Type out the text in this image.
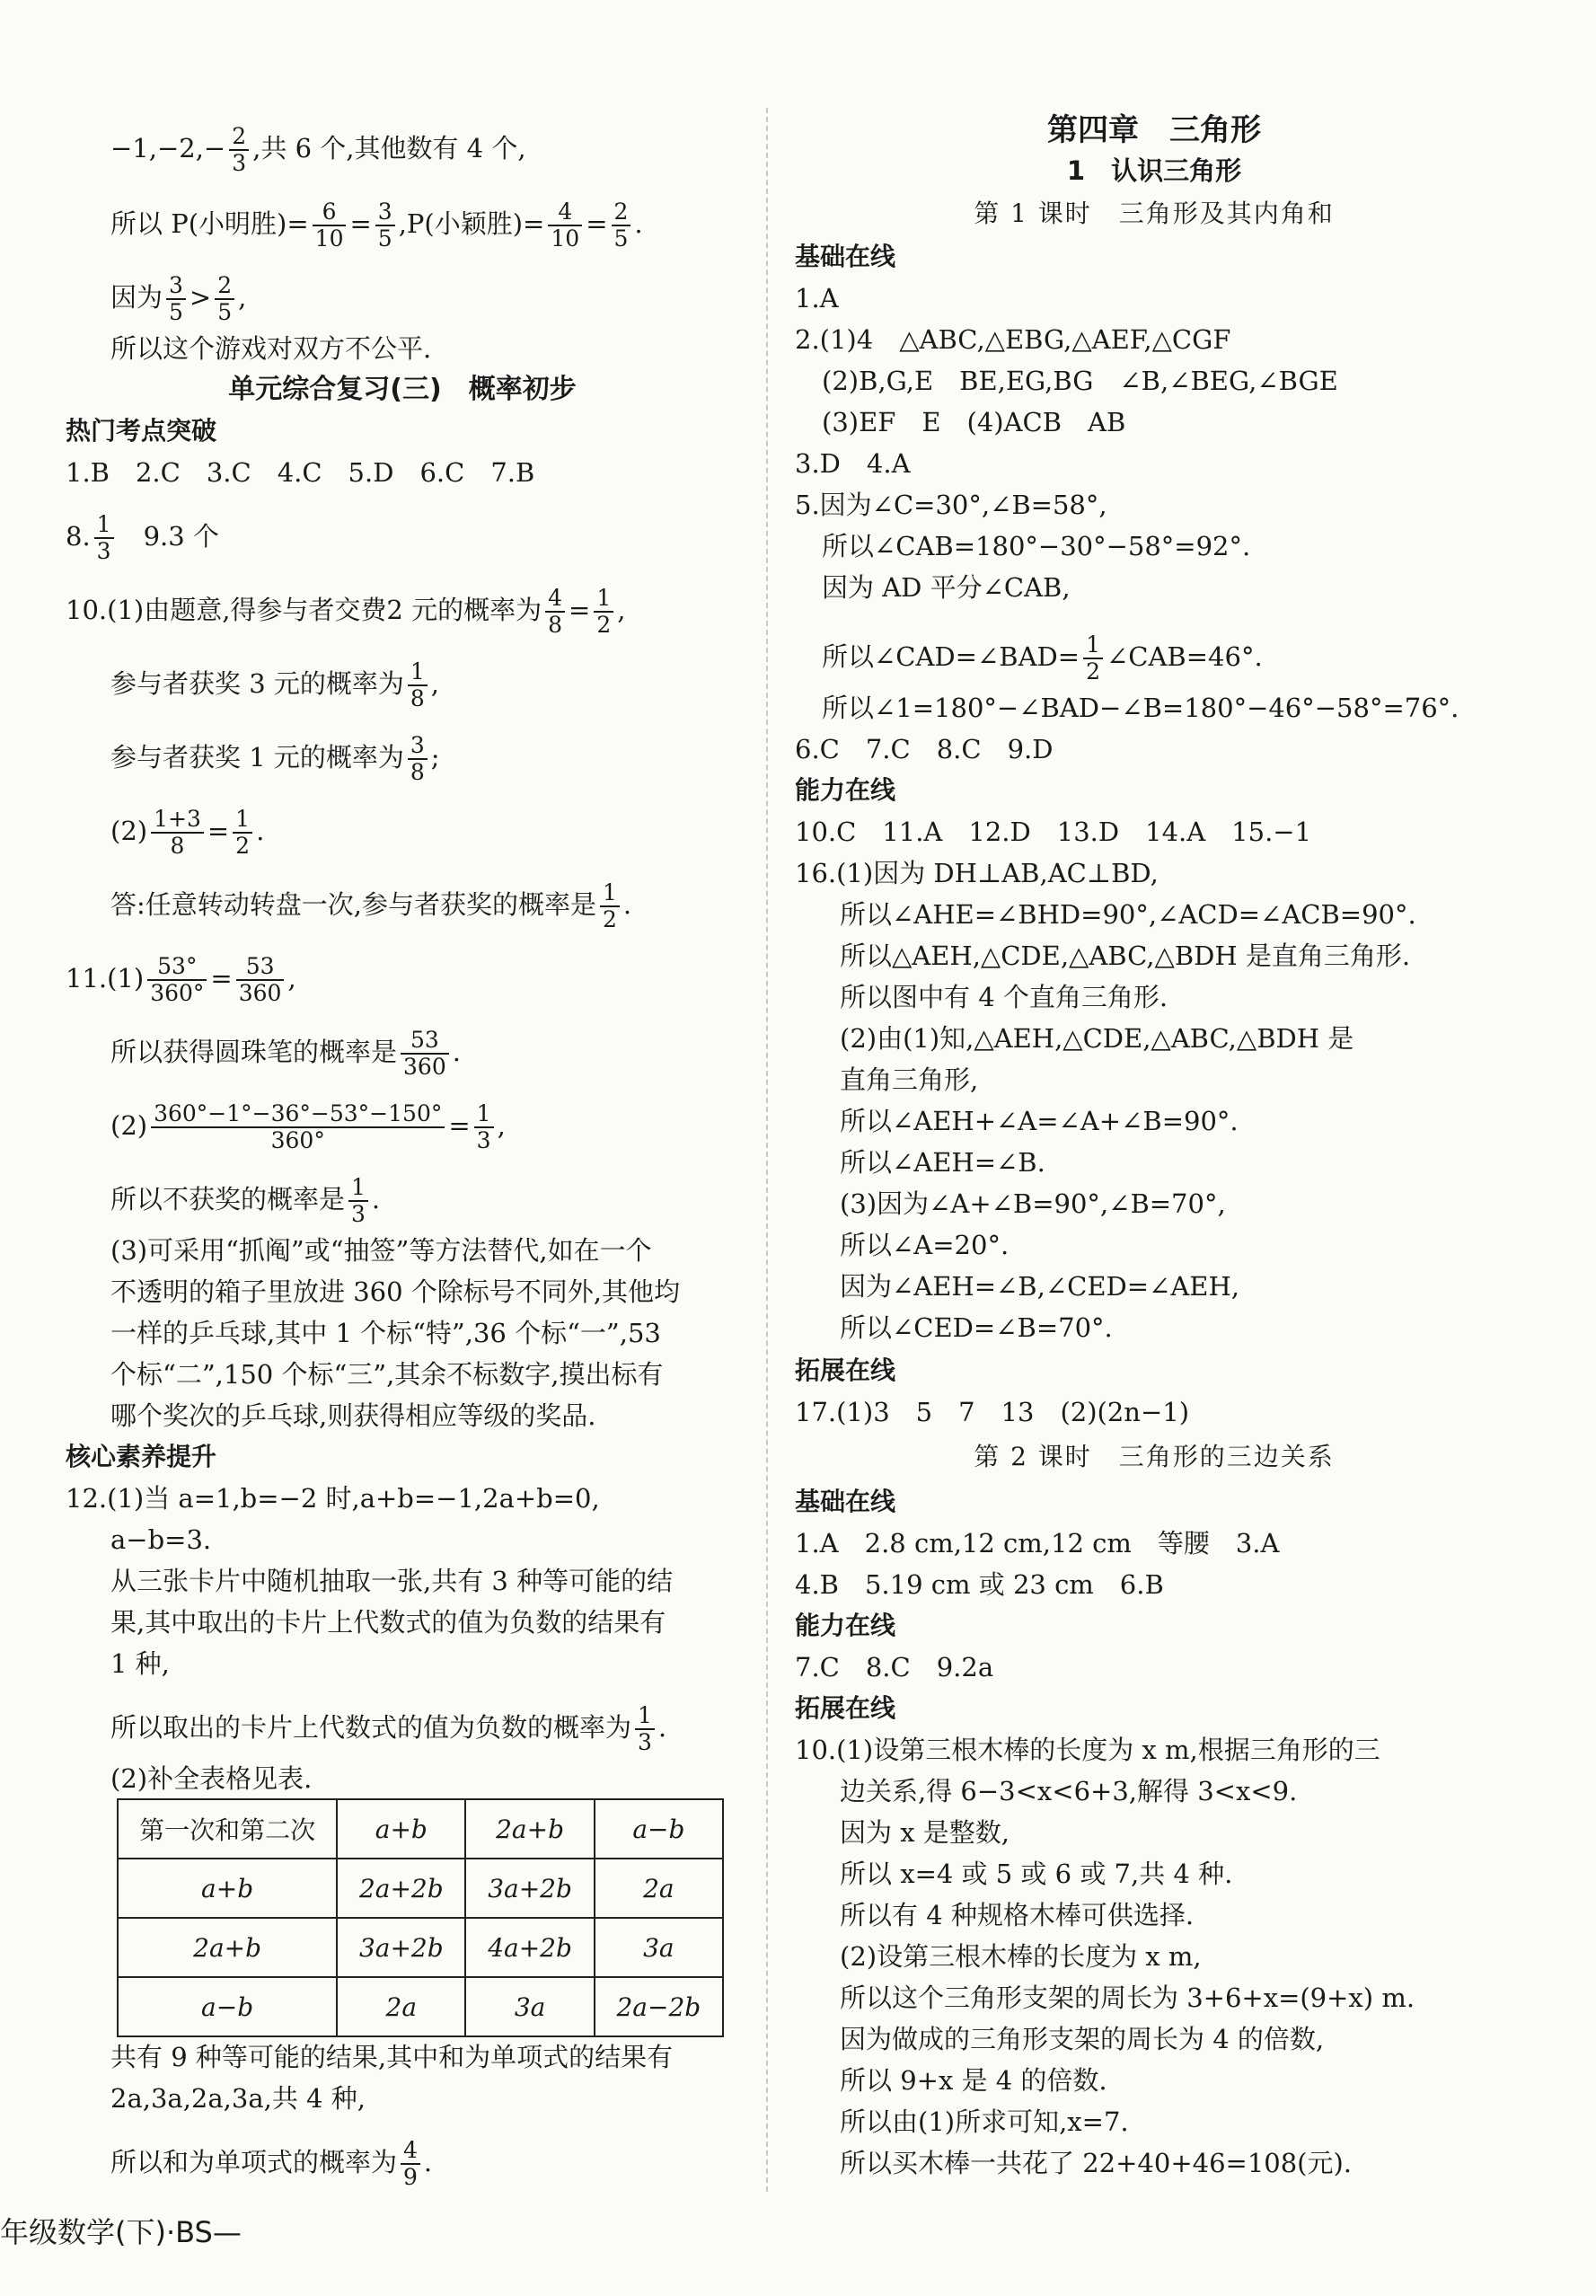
$-1,-2,- \frac{2}{3}$ ,共 6 个,其他数有 4 个,
所以 P(小明胜)= $\frac{6}{10} = \frac{3}{5} ,P$(小颖胜)= $\frac{4}{10} = \frac{2}{5}$ .
因为 $\frac{3}{5} > \frac{2}{5}$ ,
所以这个游戏对双方不公平.
单元综合复习(三)　概率初步
热门考点突破
1.B　2.C　3.C　4.C　5.D　6.C　7.B
8. $\frac{1}{3}$ 　9.3 个
10.(1)由题意,得参与者交费2 元的概率为 $\frac{4}{8} = \frac{1}{2}$ ,
参与者获奖 3 元的概率为 $\frac{1}{8}$ ,
参与者获奖 1 元的概率为 $\frac{3}{8}$ ;
$(2) \frac{1+3}{8} = \frac{1}{2}$ .
答:任意转动转盘一次,参与者获奖的概率是 $\frac{1}{2}$ .
$11.(1) \frac{53^\circ}{360^\circ} = \frac{53}{360}$ ,
所以获得圆珠笔的概率是 $\frac{53}{360}$ .
$(2) \frac{360^\circ-1^\circ-36^\circ-53^\circ-150^\circ}{360^\circ} = \frac{1}{3}$ ,
所以不获奖的概率是 $\frac{1}{3}$ .
(3)可采用“抓阄”或“抽签”等方法替代,如在一个
不透明的箱子里放进 360 个除标号不同外,其他均
一样的乒乓球,其中 1 个标“特”,36 个标“一”,53
个标“二”,150 个标“三”,其余不标数字,摸出标有
哪个奖次的乒乓球,则获得相应等级的奖品.
核心素养提升
12.(1)当 a=1,b=−2 时,a+b=−1,2a+b=0,
a−b=3.
从三张卡片中随机抽取一张,共有 3 种等可能的结
果,其中取出的卡片上代数式的值为负数的结果有
1 种,
所以取出的卡片上代数式的值为负数的概率为 $\frac{1}{3}$ .
(2)补全表格见表.
第一次和第二次	a+b	2a+b	a−b
a+b	2a+2b	3a+2b	2a
2a+b	3a+2b	4a+2b	3a
a−b	2a	3a	2a−2b
共有 9 种等可能的结果,其中和为单项式的结果有
2a,3a,2a,3a,共 4 种,
所以和为单项式的概率为 $\frac{4}{9}$ .
第四章　三角形
1　认识三角形
第 1 课时　三角形及其内角和
基础在线
1.A
2.(1)4　△ABC,△EBG,△AEF,△CGF
(2)B,G,E　BE,EG,BG　∠B,∠BEG,∠BGE
(3)EF　E　(4)ACB　AB
3.D　4.A
5.因为∠C=30°,∠B=58°,
所以∠CAB=180°−30°−58°=92°.
因为 AD 平分∠CAB,
所以∠CAD=∠BAD= $\frac{1}{2}$ ∠CAB=46°.
所以∠1=180°−∠BAD−∠B=180°−46°−58°=76°.
6.C　7.C　8.C　9.D
能力在线
10.C　11.A　12.D　13.D　14.A　15.−1
16.(1)因为 DH⊥AB,AC⊥BD,
所以∠AHE=∠BHD=90°,∠ACD=∠ACB=90°.
所以△AEH,△CDE,△ABC,△BDH 是直角三角形.
所以图中有 4 个直角三角形.
(2)由(1)知,△AEH,△CDE,△ABC,△BDH 是
直角三角形,
所以∠AEH+∠A=∠A+∠B=90°.
所以∠AEH=∠B.
(3)因为∠A+∠B=90°,∠B=70°,
所以∠A=20°.
因为∠AEH=∠B,∠CED=∠AEH,
所以∠CED=∠B=70°.
拓展在线
17.(1)3　5　7　13　(2)(2n−1)
第 2 课时　三角形的三边关系
基础在线
1.A　2.8 cm,12 cm,12 cm　等腰　3.A
4.B　5.19 cm 或 23 cm　6.B
能力在线
7.C　8.C　9.2a
拓展在线
10.(1)设第三根木棒的长度为 x m,根据三角形的三
边关系,得 6−3<x<6+3,解得 3<x<9.
因为 x 是整数,
所以 x=4 或 5 或 6 或 7,共 4 种.
所以有 4 种规格木棒可供选择.
(2)设第三根木棒的长度为 x m,
所以这个三角形支架的周长为 3+6+x=(9+x) m.
因为做成的三角形支架的周长为 4 的倍数,
所以 9+x 是 4 的倍数.
所以由(1)所求可知,x=7.
所以买木棒一共花了 22+40+46=108(元).
年级数学(下)·BS—
